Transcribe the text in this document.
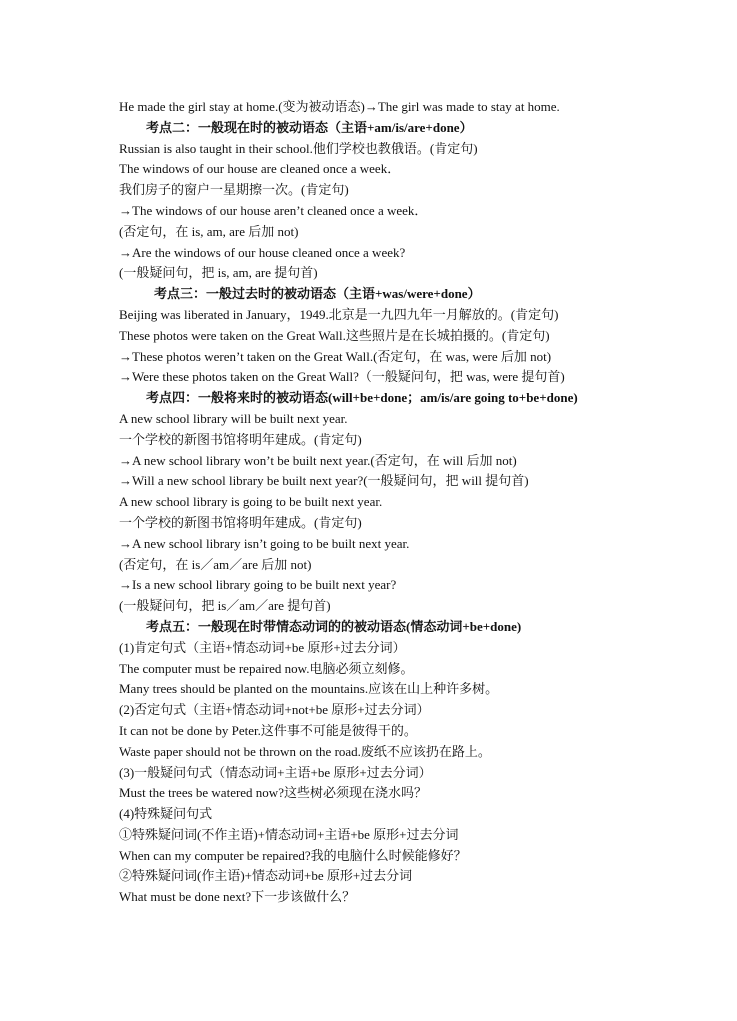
He made the girl stay at home.(变为被动语态)→The girl was made to stay at home.
考点二：一般现在时的被动语态（主语+am/is/are+done）
Russian is also taught in their school.他们学校也教俄语。(肯定句)
The windows of our house are cleaned once a week．
我们房子的窗户一星期擦一次。(肯定句)
→The windows of our house aren’t cleaned once a week．
(否定句，在 is, am, are 后加 not)
→Are the windows of our house cleaned once a week?
(一般疑问句，把 is, am, are 提句首)
考点三：一般过去时的被动语态（主语+was/were+done）
Beijing was liberated in January，1949.北京是一九四九年一月解放的。(肯定句)
These photos were taken on the Great Wall.这些照片是在长城拍摄的。(肯定句)
→These photos weren’t taken on the Great Wall.(否定句，在 was, were 后加 not)
→Were these photos taken on the Great Wall?（一般疑问句，把 was, were 提句首)
考点四：一般将来时的被动语态(will+be+done；am/is/are going to+be+done)
A new school library will be built next year.
一个学校的新图书馆将明年建成。(肯定句)
→A new school library won’t be built next year.(否定句，在 will 后加 not)
→Will a new school library be built next year?(一般疑问句，把 will 提句首)
A new school library is going to be built next year.
一个学校的新图书馆将明年建成。(肯定句)
→A new school library isn’t going to be built next year.
(否定句，在 is／am／are 后加 not)
→Is a new school library going to be built next year?
(一般疑问句，把 is／am／are 提句首)
考点五：一般现在时带情态动词的的被动语态(情态动词+be+done)
(1)肯定句式（主语+情态动词+be 原形+过去分词）
The computer must be repaired now.电脑必须立刻修。
Many trees should be planted on the mountains.应该在山上种许多树。
(2)否定句式（主语+情态动词+not+be 原形+过去分词）
It can not be done by Peter.这件事不可能是彼得干的。
Waste paper should not be thrown on the road.废纸不应该扔在路上。
(3)一般疑问句式（情态动词+主语+be 原形+过去分词）
Must the trees be watered now?这些树必须现在浇水吗？
(4)特殊疑问句式
①特殊疑问词(不作主语)+情态动词+主语+be 原形+过去分词
When can my computer be repaired?我的电脑什么时候能修好？
②特殊疑问词(作主语)+情态动词+be 原形+过去分词
What must be done next?下一步该做什么？
